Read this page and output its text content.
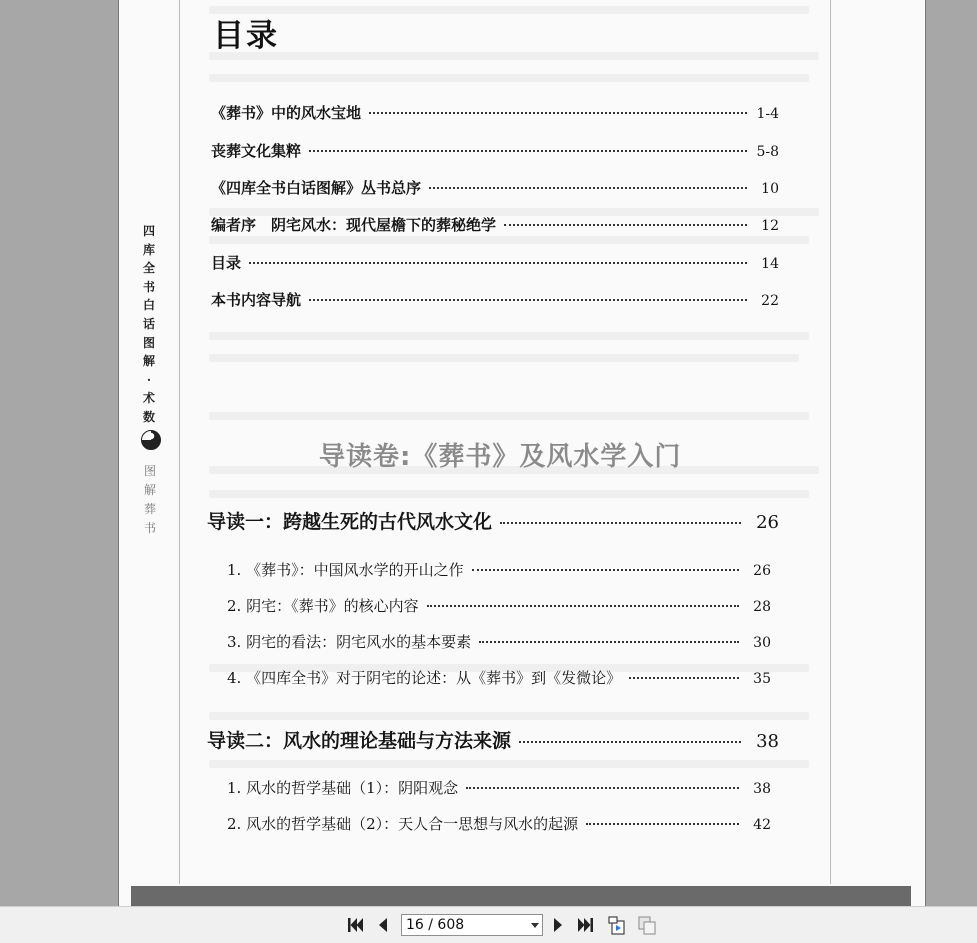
目录
《葬书》中的风水宝地	1-4
丧葬文化集粹	5-8
《四库全书白话图解》丛书总序	10
编者序　阴宅风水：现代屋檐下的葬秘绝学	12
目录	14
本书内容导航	22
导读卷:《葬书》及风水学入门
导读一：跨越生死的古代风水文化	26
1. 《葬书》：中国风水学的开山之作	26
2. 阴宅：《葬书》的核心内容	28
3. 阴宅的看法：阴宅风水的基本要素	30
4. 《四库全书》对于阴宅的论述：从《葬书》到《发微论》	35
导读二：风水的理论基础与方法来源	38
1. 风水的哲学基础（1）：阴阳观念	38
2. 风水的哲学基础（2）：天人合一思想与风水的起源	42
四库全书白话图解·术数
图解葬书
16 / 608
